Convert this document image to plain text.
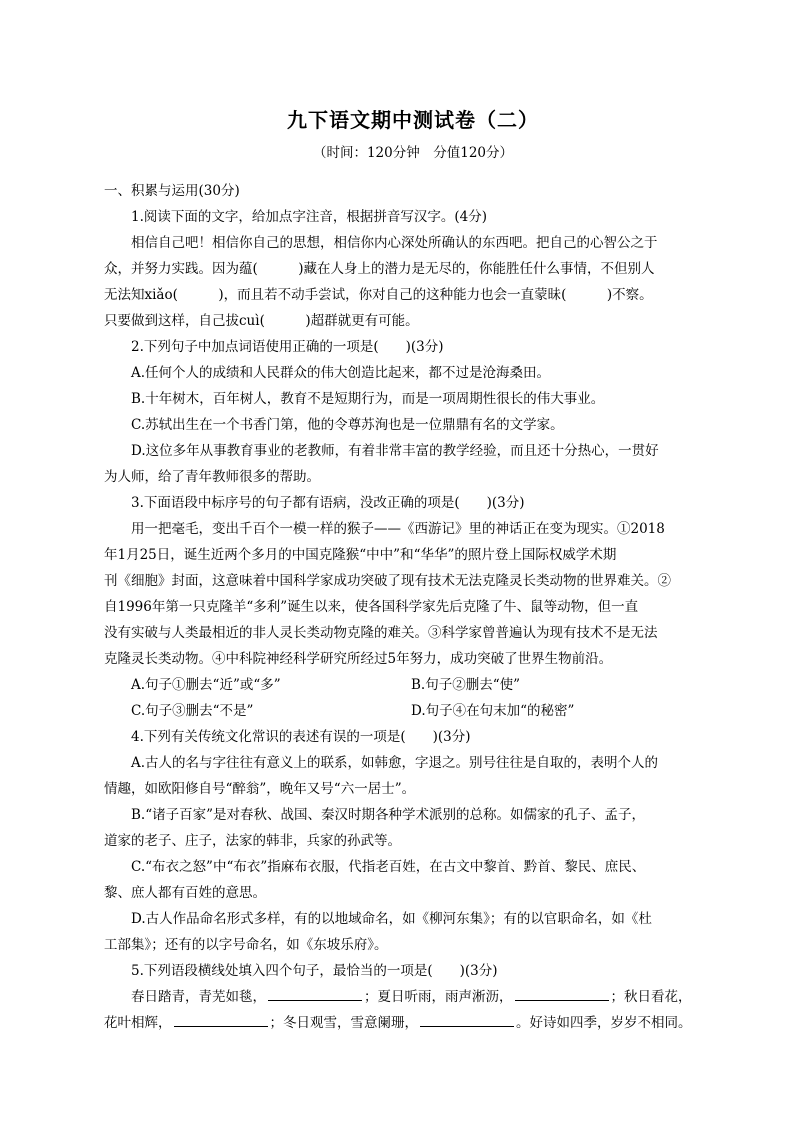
九下语文期中测试卷（二）
（时间：120分钟　分值120分）
一、积累与运用(30分)
1.阅读下面的文字，给加点字注音，根据拼音写汉字。(4分)
相信自己吧！相信你自己的思想，相信你内心深处所确认的东西吧。把自己的心智公之于
众，并努力实践。因为蕴(　　　)藏在人身上的潜力是无尽的，你能胜任什么事情，不但别人
无法知xiǎo(　　　)，而且若不动手尝试，你对自己的这种能力也会一直蒙昧(　　　)不察。
只要做到这样，自己拔cuì(　　　)超群就更有可能。
2.下列句子中加点词语使用正确的一项是(　　)(3分)
A.任何个人的成绩和人民群众的伟大创造比起来，都不过是沧海桑田。
B.十年树木，百年树人，教育不是短期行为，而是一项周期性很长的伟大事业。
C.苏轼出生在一个书香门第，他的令尊苏洵也是一位鼎鼎有名的文学家。
D.这位多年从事教育事业的老教师，有着非常丰富的教学经验，而且还十分热心，一贯好
为人师，给了青年教师很多的帮助。
3.下面语段中标序号的句子都有语病，没改正确的项是(　　)(3分)
用一把毫毛，变出千百个一模一样的猴子——《西游记》里的神话正在变为现实。①2018
年1月25日，诞生近两个多月的中国克隆猴“中中”和“华华”的照片登上国际权威学术期
刊《细胞》封面，这意味着中国科学家成功突破了现有技术无法克隆灵长类动物的世界难关。②
自1996年第一只克隆羊“多利”诞生以来，使各国科学家先后克隆了牛、鼠等动物，但一直
没有实破与人类最相近的非人灵长类动物克隆的难关。③科学家曾普遍认为现有技术不是无法
克隆灵长类动物。④中科院神经科学研究所经过5年努力，成功突破了世界生物前沿。
A.句子①删去“近”或“多”	B.句子②删去“使”
C.句子③删去“不是”	D.句子④在句末加“的秘密”
4.下列有关传统文化常识的表述有误的一项是(　　)(3分)
A.古人的名与字往往有意义上的联系，如韩愈，字退之。别号往往是自取的，表明个人的
情趣，如欧阳修自号“醉翁”，晚年又号“六一居士”。
B.“诸子百家”是对春秋、战国、秦汉时期各种学术派别的总称。如儒家的孔子、孟子，
道家的老子、庄子，法家的韩非，兵家的孙武等。
C.“布衣之怒”中“布衣”指麻布衣服，代指老百姓，在古文中黎首、黔首、黎民、庶民、
黎、庶人都有百姓的意思。
D.古人作品命名形式多样，有的以地域命名，如《柳河东集》；有的以官职命名，如《杜
工部集》；还有的以字号命名，如《东坡乐府》。
5.下列语段横线处填入四个句子，最恰当的一项是(　　)(3分)
春日踏青，青芜如毯，	；夏日听雨，雨声淅沥，	；秋日看花，
花叶相辉，	；冬日观雪，雪意阑珊，	。好诗如四季，岁岁不相同。
